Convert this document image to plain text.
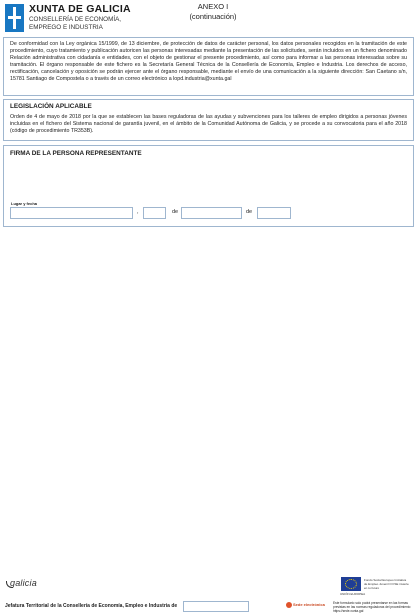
XUNTA DE GALICIA
CONSELLERÍA DE ECONOMÍA,
EMPREGO E INDUSTRIA
ANEXO I
(continuación)
De conformidad con la Ley orgánica 15/1999, de 13 diciembre, de protección de datos de carácter personal, los datos personales recogidos en la tramitación de este procedimiento, cuyo tratamiento y publicación autoricen las personas interesadas mediante la presentación de las solicitudes, serán incluidos en un fichero denominado Relación administrativa con cidadanía e entidades, con el objeto de gestionar el presente procedimiento, así como para informar a las personas interesadas sobre su tramitación. El órgano responsable de este fichero es la Secretaría General Técnica de la Consellería de Economía, Empleo e Industria. Los derechos de acceso, rectificación, cancelación y oposición se podrán ejercer ante el órgano responsable, mediante el envío de una comunicación a la siguiente dirección: San Caetano s/n, 15781 Santiago de Compostela o a través de un correo electrónico a lopd.industria@xunta.gal
LEGISLACIÓN APLICABLE
Orden de 4 de mayo de 2018 por la que se establecen las bases reguladoras de las ayudas y subvenciones para los talleres de empleo dirigidos a personas jóvenes incluidas en el fichero del Sistema nacional de garantía juvenil, en el ámbito de la Comunidad Autónoma de Galicia, y se procede a su convocatoria para el año 2018 (código de procedimiento TR353B).
FIRMA DE LA PERSONA REPRESENTANTE
Lugar y fecha
,	de	de
galicia
UNIÓN EUROPEA
Fondo Social Europeo Iniciativa de Empleo Juvenil O FSE invierte en tu futuro
Jefatura Territorial de la Consellería de Economía, Empleo e Industria de	Sede electrónica	Este formulario solo podrá presentarse en las formas previstas en las normas reguladoras del procedimiento https://sede.xunta.gal
